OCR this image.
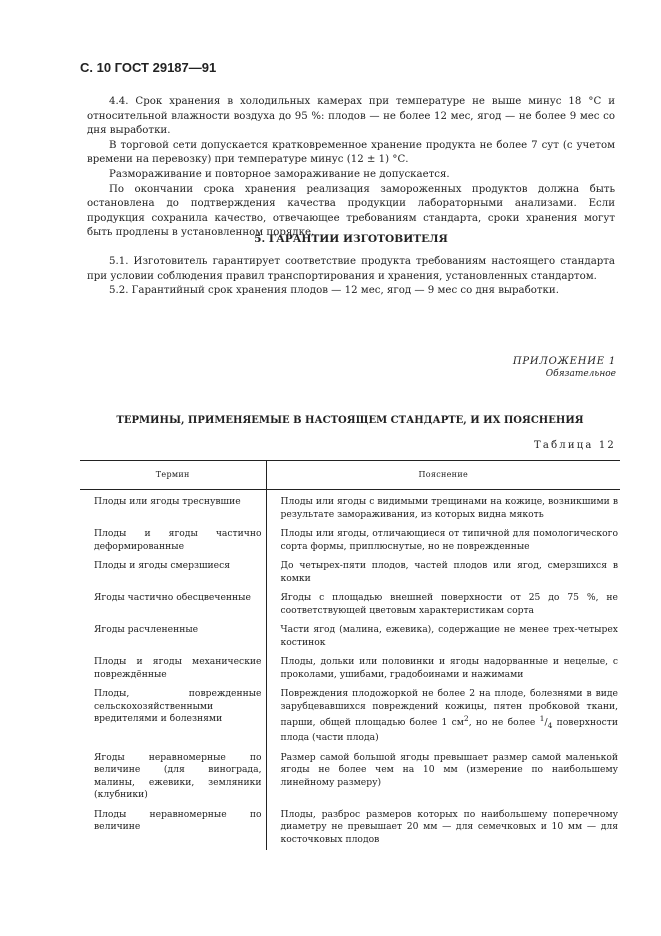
С. 10 ГОСТ 29187—91

4.4. Срок хранения в холодильных камерах при температуре не выше минус 18 °С и относительной влажности воздуха до 95 %: плодов — не более 12 мес, ягод — не более 9 мес со дня выработки.

В торговой сети допускается кратковременное хранение продукта не более 7 сут (с учетом времени на перевозку) при температуре минус (12 ± 1) °С.

Размораживание и повторное замораживание не допускается.

По окончании срока хранения реализация замороженных продуктов должна быть остановлена до подтверждения качества продукции лабораторными анализами. Если продукция сохранила качество, отвечающее требованиям стандарта, сроки хранения могут быть продлены в установленном порядке.

5. ГАРАНТИИ ИЗГОТОВИТЕЛЯ

5.1. Изготовитель гарантирует соответствие продукта требованиям настоящего стандарта при условии соблюдения правил транспортирования и хранения, установленных стандартом.

5.2. Гарантийный срок хранения плодов — 12 мес, ягод — 9 мес со дня выработки.

ПРИЛОЖЕНИЕ 1
Обязательное
ТЕРМИНЫ, ПРИМЕНЯЕМЫЕ В НАСТОЯЩЕМ СТАНДАРТЕ, И ИХ ПОЯСНЕНИЯ
Таблица 12
Термин	Пояснение
Плоды или ягоды треснувшие	Плоды или ягоды с видимыми трещинами на кожице, возникшими в результате замораживания, из которых видна мякоть
Плоды и ягоды частично деформированные	Плоды или ягоды, отличающиеся от типичной для помологического сорта формы, приплюснутые, но не поврежденные
Плоды и ягоды смерзшиеся	До четырех-пяти плодов, частей плодов или ягод, смерзшихся в комки
Ягоды частично обесцвеченные	Ягоды с площадью внешней поверхности от 25 до 75 %, не соответствующей цветовым характеристикам сорта
Ягоды расчлененные	Части ягод (малина, ежевика), содержащие не менее трех-четырех костинок
Плоды и ягоды механические повреждённые	Плоды, дольки или половинки и ягоды надорванные и нецелые, с проколами, ушибами, градобоинами и нажимами
Плоды, поврежденные сельскохозяйственными вредителями и болезнями	Повреждения плодожоркой не более 2 на плоде, болезнями в виде зарубцевавшихся повреждений кожицы, пятен пробковой ткани, парши, общей площадью более 1 $см^2$, но не более $^1/_4$ поверхности плода (части плода)
Ягоды неравномерные по величине (для винограда, малины, ежевики, земляники (клубники)	Размер самой большой ягоды превышает размер самой маленькой ягоды не более чем на 10 мм (измерение по наибольшему линейному размеру)
Плоды неравномерные по величине	Плоды, разброс размеров которых по наибольшему поперечному диаметру не превышает 20 мм — для семечковых и 10 мм — для косточковых плодов
